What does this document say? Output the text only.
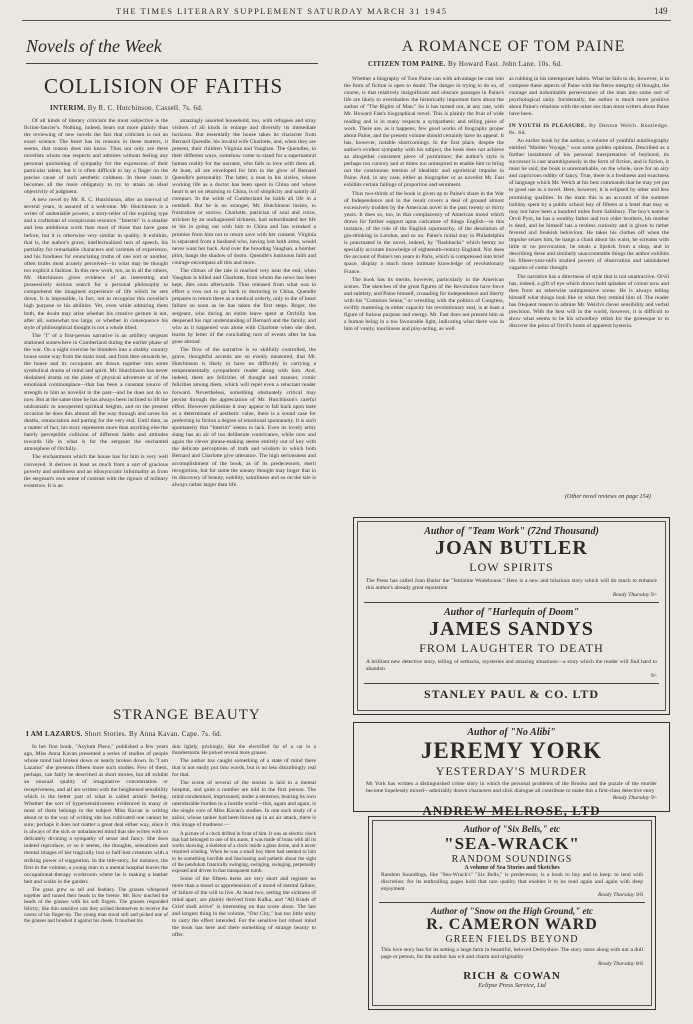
THE TIMES LITERARY SUPPLEMENT SATURDAY MARCH 31 1945	149
Novels of the Week
COLLISION OF FAITHS
INTERIM. By R. C. Hutchinson. Cassell. 7s. 6d.

Of all kinds of literary criticism the most subjective is the fiction-fancier's. Nothing, indeed, bears out more plainly than the reviewing of new novels the fact that criticism is not an exact science. The heart has its reasons in these matters, it seems, that reason does not know. Thus not only are there novelists whom one respects and admires without feeling any personal quickening of sympathy for the expression of their particular talent, but it is often difficult to lay a finger on the precise cause of such aesthetic coldness. In these cases it becomes all the more obligatory to try to attain an ideal objectivity of judgment.

A new novel by Mr. R. C. Hutchinson, after an interval of several years, is assured of a welcome. Mr. Hutchinson is a writer of undeniable powers, a story-teller of the expiring type and a craftsman of conspicuous resource. "Interim" is a smaller and less ambitious work than most of those that have gone before, but it is otherwise very similar in quality. It exhibits, that is, the author's grave, intellectualized turn of speech, his partiality for remarkable characters and varieties of experience, and his fondness for enunciating truths of one sort or another, often truths most acutely perceived—in what may be thought too explicit a fashion. In this new work, too, as in all the others, Mr. Hutchinson gives evidence of an interesting and possessively serious search for a personal philosophy to comprehend the imagined experience of life which he sets down. It is impossible, in fact, not to recognize this novelist's high purpose or his abilities. Yet, even while admiring them both, the doubt may arise whether his creative gesture is not, after all, somewhat too large, or whether in consequence his style of philosophical thought is not a whole tilted.

The "I" of a first-person narrative is an artillery sergeant stationed somewhere in Cumberland during the earlier phase of the war. On a night exercise he blunders into a shabby country house some way from the main road, and from then onwards he, the house and its occupants are drawn together into some symbolical drama of mind and spirit. Mr. Hutchinson has never disdained drama on the plane of physical adventure or of the emotional commonplace—that has been a constant source of strength to him as novelist in the past—and he does not do so now. But at the same time he has always been inclined to lift the undramatic to unexpected spiritual heights, and on the present occasion he does this almost all the way through and saves his deaths, renunciation and parting for the very end. Until then, as a matter of fact, his story represents more than anything else the barely perceptible collision of different faiths and attitudes towards life in what is for the sergeant the enchanted atmosphere of Orchilly.

The enchantment which the house has for him is very well conveyed. It derives at least as much from a sort of gracious poverty and untidiness and an idiosyncratic informality as from the sergeant's own sense of contrast with the rigours of military existence. It is an

amazingly assorted household, too, with refugees and stray visitors of all kinds in enlarge and diversify its immediate horizons. But essentially the house takes its character from Bernard Quendle, his invalid wife Charlotte, and, when they are present, their children Virginia and Vaughan. The Quendles, in their different ways, somehow come to stand for a supernatural human reality for the narrator, who falls in love with them all. At least, all are enveloped for him in the glow of Bernard Quendle's personality. The latter, a man in his sixties, whose working life as a doctor has been spent in China and whose heart is set on returning to China, is of simplicity and saintly all compact. In the wilds of Cumberland he holds all life in a nutshell. But he is no stranger, Mr. Hutchinson insists, to frustration or sorrow. Charlotte, patrician of soul and voice, stricken by an undiagnosed sickness, had subordinated her life to his in going out with him to China and has wreaked a promise from him not to return save with her consent. Virginia is separated from a husband who, having lost both arms, would never want her back. And over the brooding Vaughan, a bomber pilot, hangs the shadow of doom. Quendle's luminous faith and courage encompass all this and more.

The climax of the tale is reached very near the end, when Vaughan is killed and Charlotte, from whom the news has been kept, dies soon afterwards. Thus released from what was in effect a vow not to go back to doctoring in China, Quendle prepares to return there as a medical orderly, only to die of heart failure so soon as he has taken the first steps. Roger, the sergeant, who during an entire leave spent at Orchilly has deepened his rapt understanding of Bernard and the family, and who as it happened was alone with Charlotte when she died, learns by letter of the concluding turn of events after he has gone abroad.

The flow of the narrative is so skilfully controlled, the grave, thoughtful accents are so evenly measured, that Mr. Hutchinson is likely to have no difficulty in carrying a temperamentally sympathetic reader along with him. And, indeed, there are felicities of thought and manner, comic felicities among them, which will repel even a reluctant reader forward. Nevertheless, something obstinately critical may persist through the appreciation of Mr. Hutchinson's careful effect. However philistine it may appear to fall back upon taste as a determinant of aesthetic value, there is a sound case for preferring in fiction a degree of emotional spontaneity. It is such spontaneity that "Interim" seems to lack. Even its lovely army slang has an air of too deliberate contrivance, while now and again the clever phrase-making seems entirely out of key with the delicate perceptions of truth and wisdom to which both Bernard and Charlotte give utterance. The high seriousness and accomplishment of the book, as of its predecessors, merit recognition, but for some the uneasy thought may linger that in its discovery of beauty, nobility, saintliness and so on the tale is always rather larger than life.

STRANGE BEAUTY
I AM LAZARUS. Short Stories. By Anna Kavan. Cape. 7s. 6d.

In her first book, "Asylum Piece," published a few years ago, Miss Anna Kavan presented a series of studies of people whose mind had broken down or nearly broken down. In "I am Lazarus" she presents fifteen more such studies. Few of them, perhaps, can fairly be described as short stories, but all exhibit an unusual quality of imaginative concentration or receptiveness, and all are written with the heightened sensibility which is the better part of what is called artistic feeling. Whether the sort of hypersensitiveness evidenced in many or most of them belongs to the subject Miss Kavan is writing about or to the way of writing she has cultivated one cannot be sure; perhaps it does not matter a great deal either way, since it is always of the sick or unbalanced mind that she writes with so delicately divining a sympathy of sense and fancy. She does indeed reproduce, or so it seems, the thoughts, sensations and mental images of her tragically lost or half-lost creatures with a striking power of suggestion. In the title-story, for instance, the first in the volume, a young man in a mental hospital leaves the occupational-therapy workroom where he is making a leather belt and walks in the garden:

The grass grew so tall and feathery. The grasses whispered together and turned their heads in the breeze. Mr. Bow touched the heads of the grasses with his soft fingers. The grasses responded felicity; like thin sensitive cats they arched themselves to receive the caress of his finger-tip. The young man stood still and picked one of the grasses and brushed it against his cheek. It touched his

skin lightly, prickingly, like the electrified fur of a cat in a thunderstorm. He picked several more grasses.

The author has caught something of a state of mind there that is not easily put into words, but is no less disturbingly real for that.

The scene of several of the stories is laid in a mental hospital, and quite a number are told in the first person. The mind condemned, imprisoned, under a sentence, bearing its own unendurable burden in a hostile world—this, again and again, is the single core of Miss Kavan's studies. In one such study of a sailor, whose tanker had been blown up in an air attack, there is this image of madness:—

A picture of a clock drifted in front of him. It was an electric clock that had belonged to one of his aunts, it was made of brass with all its works showing, a skeleton of a clock inside a glass dome, and it never required winding. When he was a small boy there had seemed to him to be something horrible and fascinating and pathetic about the sight of the pendulum frantically swinging, swinging, swinging, perpetually exposed and driven in that transparent tomb.

Some of the fifteen items are very short and register no more than a mood or apprehension of a mood of mental failure, of failure of the will to live. At least two, setting the sickness of mind apart, are plainly derived from Kafka, and "All Kinds of Grief shall arrive" is interesting on that score alone. The last and longest thing in the volume, "Our City," has too little unity to carry the effect intended. For the sensitive but robust mind the book has here and there something of strange beauty to offer.

A ROMANCE OF TOM PAINE
CITIZEN TOM PAINE. By Howard Fast. John Lane. 10s. 6d.

Whether a biography of Tom Paine can with advantage be cast into the form of fiction is open to doubt. The danger in trying to do so, of course, is that relatively insignificant and obscure passages in Paine's life are likely to overshadow the historically important facts about the author of "The Rights of Man." So it has turned out, at any rate, with Mr. Howard Fast's biographical novel. This is plainly the fruit of wide reading and is in many respects a sympathetic and telling piece of work. There are, as it happens, few good works of biography proper about Paine, and the present volume should certainly have its appeal. It has, however, notable shortcomings. In the first place, despite the author's evident sympathy with his subject, the book does not achieve an altogether consistent piece of portraiture; the author's style is perhaps too cursory and at times too uninspired to enable him to bring out the continuous tension of idealistic and egotistical impulse in Paine. And, in any case, either as biographer or as novelist Mr. Fast exhibits certain failings of proportion and sentiment.

Thus two-thirds of the book is given up to Paine's share in the War of Independence and in the result covers a deal of ground almost excessively trodden by the American novel in the past twenty or thirty years. It does so, too, in that complacency of American mood which draws for further support upon caricature of things English—in this instance, of the rule of the English squirearchy, of the desolation of gin-drinking in London, and so on. Paine's initial stay in Philadelphia is punctuated in the novel, indeed, by "flashbacks" which betray no specially accurate knowledge of eighteenth-century England. Nor does the account of Paine's ten years in Paris, which is compressed into brief space, display a much more intimate knowledge of revolutionary France.

The book has its merits, however, particularly in the American scenes. The sketches of the great figures of the Revolution have force and subtlety, and Paine himself, crusading for independence and liberty with his "Common Sense," or wrestling with the politics of Congress, swiftly mastering in either capacity his revolutionary zeal, is at least a figure of furious purpose and energy. Mr. Fast does not present him as a human being in a too favourable light, indicating what there was in him of vanity, touchiness and play-acting, as well

as rubbing in his intemperate habits. What he fails to do, however, is to compose these aspects of Paine with the fierce integrity of thought, the courage and indomitable perseverance of the man into some sort of psychological unity. Incidentally, the author is much more positive about Paine's relations with the other sex than most writers about Paine have been.

IN YOUTH IS PLEASURE. By Denton Welch. Routledge. 8s. 6d.

An earlier book by the author, a volume of youthful autobiography entitled "Maiden Voyage," won some golden opinions. Described as a further instalment of his personal interpretation of boyhood, its successor is cast unambiguously in the form of fiction, and is fiction, it must be said, the book is unremarkable, on the whole, save for an airy and capricious oddity of fancy. True, there is a freshness and exactness of language which Mr. Welch at his best commands that he may yet put to good use in a novel. Here, however, it is eclipsed by other and less promising qualities. In the main this is an account of the summer holiday spent by a public school boy of fifteen at a hotel that may or may not have been a hundred miles from Salisbury. The boy's name is Orvil Pym, he has a wealthy father and two older brothers, his mother is dead, and he himself has a restless curiosity and is given to rather fevered and freakish behaviour. He takes his clothes off when the impulse seizes him, he hangs a chain about his waist, he screams with little or no provocation, he steals a lipstick from a shop, and in describing these and similarly unaccountable things the author exhibits his fifteen-year-old's studied powers of observation and unhindered vagaries of comic thought.

The narrative has a directness of style that is not unattractive. Orvil has, indeed, a gift of eye which draws bold splashes of colour now and then from an otherwise unimpressive scene. He is always telling himself what things look like or what they remind him of. The reader has frequent reason to admire Mr. Welch's clever sensibility and verbal precision. With the best will in the world, however, it is difficult to show what seems to be his schoolboy relish for the grotesque or to discover the point of Orvil's bouts of apparent hysteria.

(Other novel reviews on page 154)
Author of "Team Work" (72nd Thousand)
JOAN BUTLER
LOW SPIRITS
The Press has called Joan Butler the "feminine Wodehouse." Here is a new and hilarious story which will do much to enhance this author's already great reputation
Ready Thursday 9/-
Author of "Harlequin of Doom"
JAMES SANDYS
FROM LAUGHTER TO DEATH
A brilliant new detective story, telling of setbacks, mysteries and amazing situations—a story which the reader will find hard to abandon
9/-
STANLEY PAUL & CO. LTD
Author of "No Alibi"
JEREMY YORK
YESTERDAY'S MURDER
Mr York has written a distinguished crime story in which the personal problems of the Brooks and the puzzle of the murder become hopelessly mixed—admirably drawn characters and slick dialogue all contribute to make this a first-class detective story
Ready Thursday 9/-
ANDREW MELROSE, LTD
Author of "Six Bells," etc
"SEA-WRACK"
RANDOM SOUNDINGS
A volume of Sea Stories and Sketches
Random Soundings, like "Sea-Wrack's" "Six Bells," is predecessor, is a book to buy and to keep: to lend with discretion: for its enthralling pages hold that rare quality that enables it to be read again and again with deep enjoyment
Ready Thursday 9/6
Author of "Snow on the High Ground," etc
R. CAMERON WARD
GREEN FIELDS BEYOND
This love story has for its setting a large farm in beautiful, beloved Derbyshire. The story races along with not a dull page or person, for the author has wit and charm and originality
Ready Thursday 8/6
RICH & COWAN
Eclipse Press Service, Ltd
